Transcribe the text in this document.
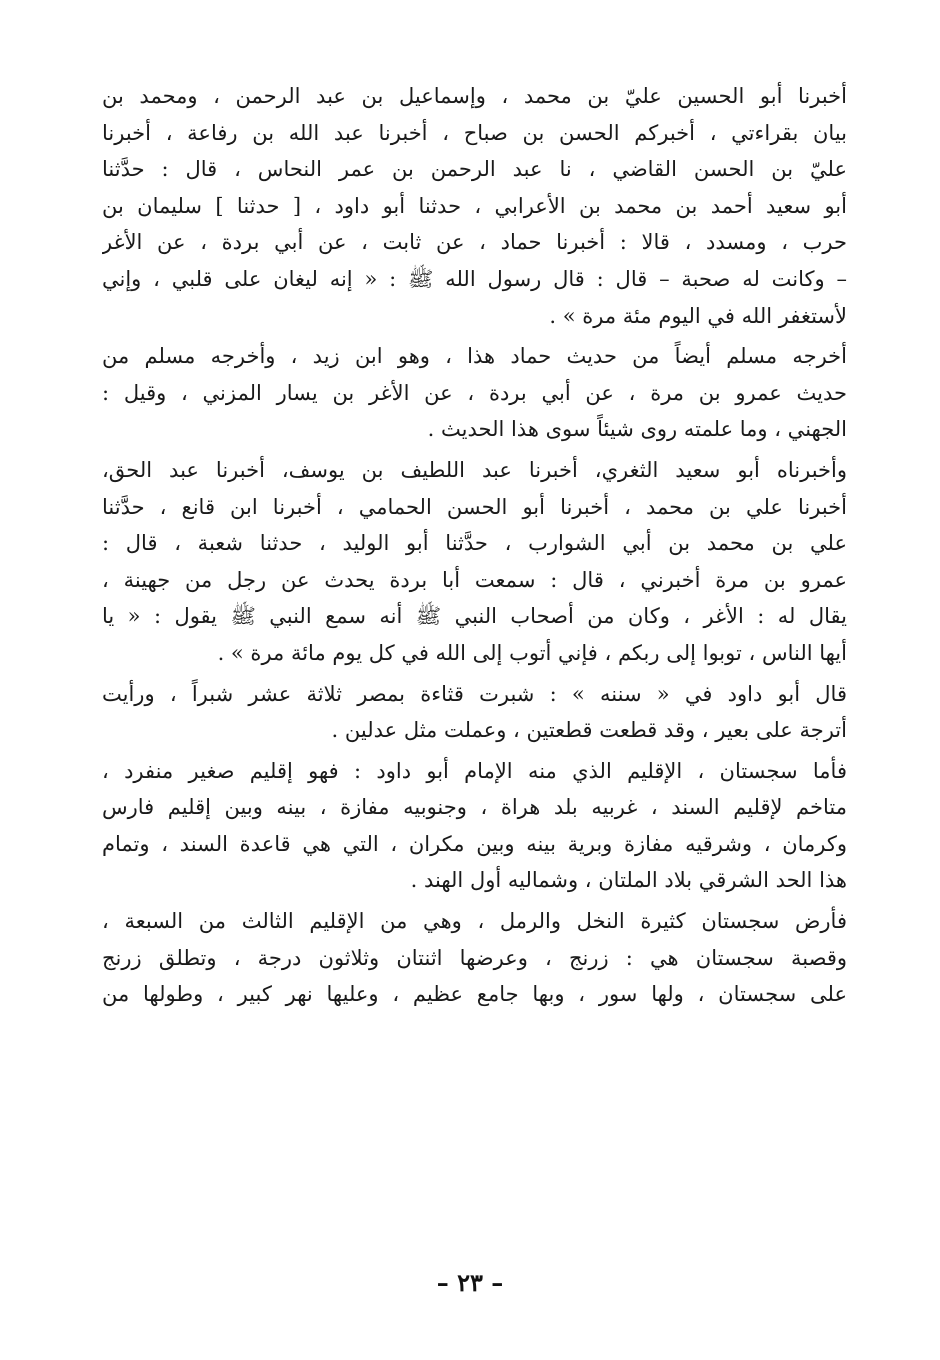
أخبرنا أبو الحسين عليّ بن محمد ، وإسماعيل بن عبد الرحمن ، ومحمد بن
بيان بقراءتي ، أخبركم الحسن بن صباح ، أخبرنا عبد الله بن رفاعة ، أخبرنا
عليّ بن الحسن القاضي ، نا عبد الرحمن بن عمر النحاس ، قال : حدَّثنا
أبو سعيد أحمد بن محمد بن الأعرابي ، حدثنا أبو داود ، [ حدثنا ] سليمان بن
حرب ، ومسدد ، قالا : أخبرنا حماد ، عن ثابت ، عن أبي بردة ، عن الأغر
– وكانت له صحبة – قال : قال رسول الله ﷺ : « إنه ليغان على قلبي ، وإني
لأستغفر الله في اليوم مئة مرة » .
أخرجه مسلم أيضاً من حديث حماد هذا ، وهو ابن زيد ، وأخرجه مسلم من
حديث عمرو بن مرة ، عن أبي بردة ، عن الأغر بن يسار المزني ، وقيل :
الجهني ، وما علمته روى شيئاً سوى هذا الحديث .
وأخبرناه أبو سعيد الثغري، أخبرنا عبد اللطيف بن يوسف، أخبرنا عبد الحق،
أخبرنا علي بن محمد ، أخبرنا أبو الحسن الحمامي ، أخبرنا ابن قانع ، حدَّثنا
علي بن محمد بن أبي الشوارب ، حدَّثنا أبو الوليد ، حدثنا شعبة ، قال :
عمرو بن مرة أخبرني ، قال : سمعت أبا بردة يحدث عن رجل من جهينة ،
يقال له : الأغر ، وكان من أصحاب النبي ﷺ أنه سمع النبي ﷺ يقول : « يا
أيها الناس ، توبوا إلى ربكم ، فإني أتوب إلى الله في كل يوم مائة مرة » .
قال أبو داود في « سننه » : شبرت قثاءة بمصر ثلاثة عشر شبراً ، ورأيت
أترجة على بعير ، وقد قطعت قطعتين ، وعملت مثل عدلين .
فأما سجستان ، الإقليم الذي منه الإمام أبو داود : فهو إقليم صغير منفرد ،
متاخم لإقليم السند ، غربيه بلد هراة ، وجنوبيه مفازة ، بينه وبين إقليم فارس
وكرمان ، وشرقيه مفازة وبرية بينه وبين مكران ، التي هي قاعدة السند ، وتمام
هذا الحد الشرقي بلاد الملتان ، وشماليه أول الهند .
فأرض سجستان كثيرة النخل والرمل ، وهي من الإقليم الثالث من السبعة ،
وقصبة سجستان هي : زرنج ، وعرضها اثنتان وثلاثون درجة ، وتطلق زرنج
على سجستان ، ولها سور ، وبها جامع عظيم ، وعليها نهر كبير ، وطولها من
– ٢٣ –
